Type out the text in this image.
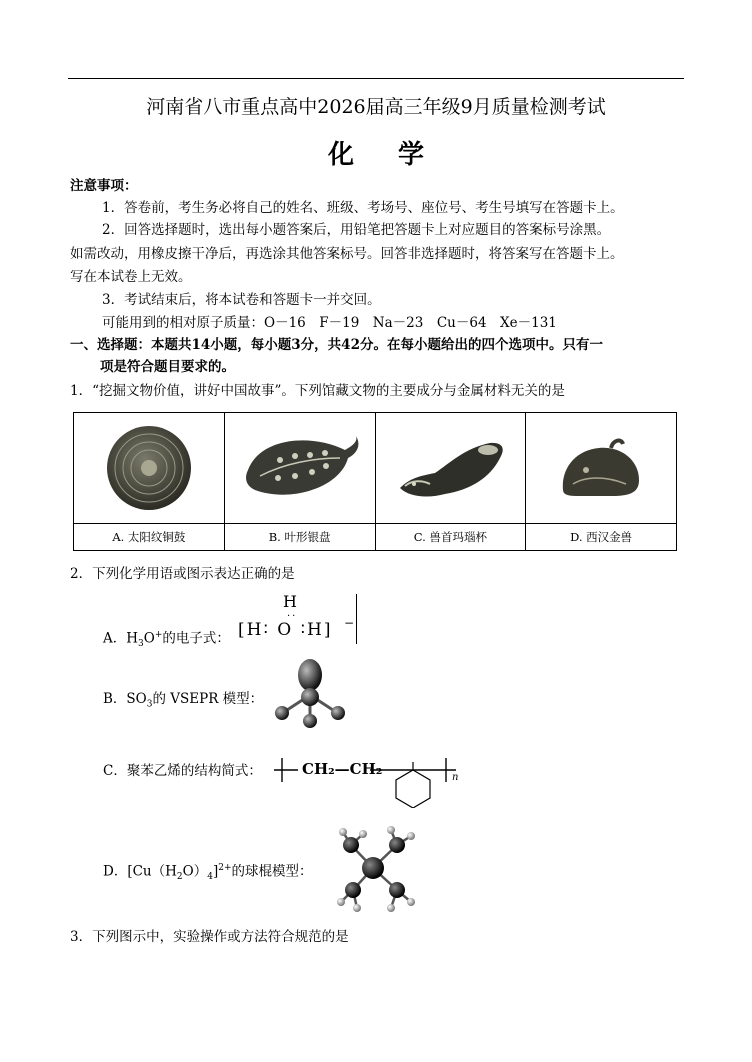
河南省八市重点高中2026届高三年级9月质量检测考试
化学
注意事项：
1．答卷前，考生务必将自己的姓名、班级、考场号、座位号、考生号填写在答题卡上。
2．回答选择题时，选出每小题答案后，用铅笔把答题卡上对应题目的答案标号涂黑。
如需改动，用橡皮擦干净后，再选涂其他答案标号。回答非选择题时，将答案写在答题卡上。
写在本试卷上无效。
3．考试结束后，将本试卷和答题卡一并交回。
可能用到的相对原子质量：O－16　F－19　Na－23　Cu－64　Xe－131
一、选择题：本题共14小题，每小题3分，共42分。在每小题给出的四个选项中。只有一
项是符合题目要求的。
1．“挖掘文物价值，讲好中国故事”。下列馆藏文物的主要成分与金属材料无关的是
A. 太阳纹铜鼓	B. 叶形银盘	C. 兽首玛瑙杯	D. 西汉金兽
2．下列化学用语或图示表达正确的是
A．$H_3O^+$的电子式：
H
··
[H∶ O ∶H] −
B．$SO_3$的 VSEPR 模型：
C．聚苯乙烯的结构简式：	CH₂—CH₂	n
D．$[Cu(H_2O)_4]^{2+}$的球棍模型：
3．下列图示中，实验操作或方法符合规范的是
